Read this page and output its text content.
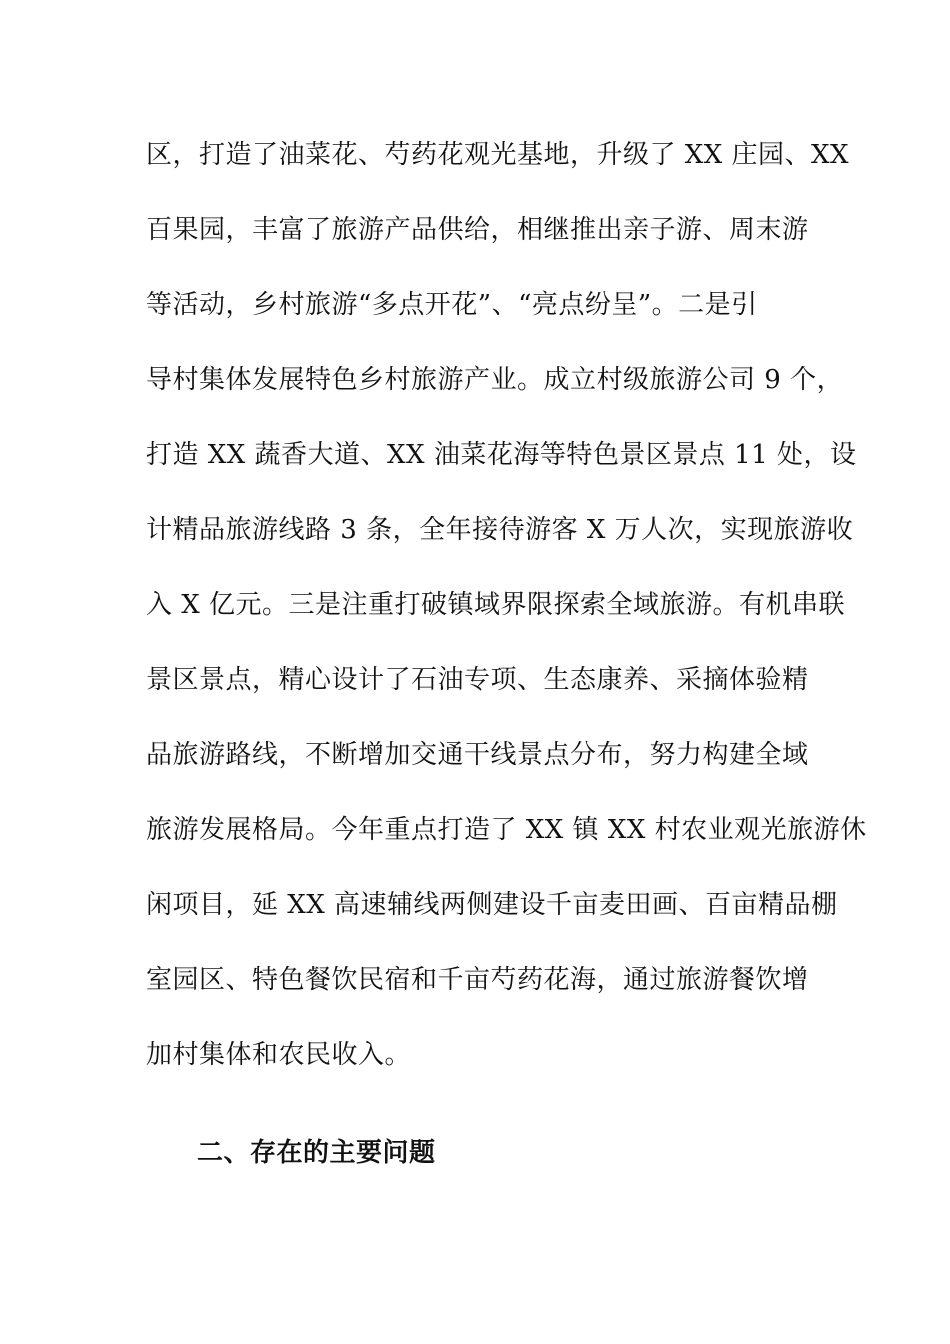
区，打造了油菜花、芍药花观光基地，升级了 XX 庄园、XX
百果园，丰富了旅游产品供给，相继推出亲子游、周末游
等活动，乡村旅游“多点开花”、“亮点纷呈”。二是引
导村集体发展特色乡村旅游产业。成立村级旅游公司 9 个，
打造 XX 蔬香大道、XX 油菜花海等特色景区景点 11 处，设
计精品旅游线路 3 条，全年接待游客 X 万人次，实现旅游收
入 X 亿元。三是注重打破镇域界限探索全域旅游。有机串联
景区景点，精心设计了石油专项、生态康养、采摘体验精
品旅游路线，不断增加交通干线景点分布，努力构建全域
旅游发展格局。今年重点打造了 XX 镇 XX 村农业观光旅游休
闲项目，延 XX 高速辅线两侧建设千亩麦田画、百亩精品棚
室园区、特色餐饮民宿和千亩芍药花海，通过旅游餐饮增
加村集体和农民收入。
二、存在的主要问题
